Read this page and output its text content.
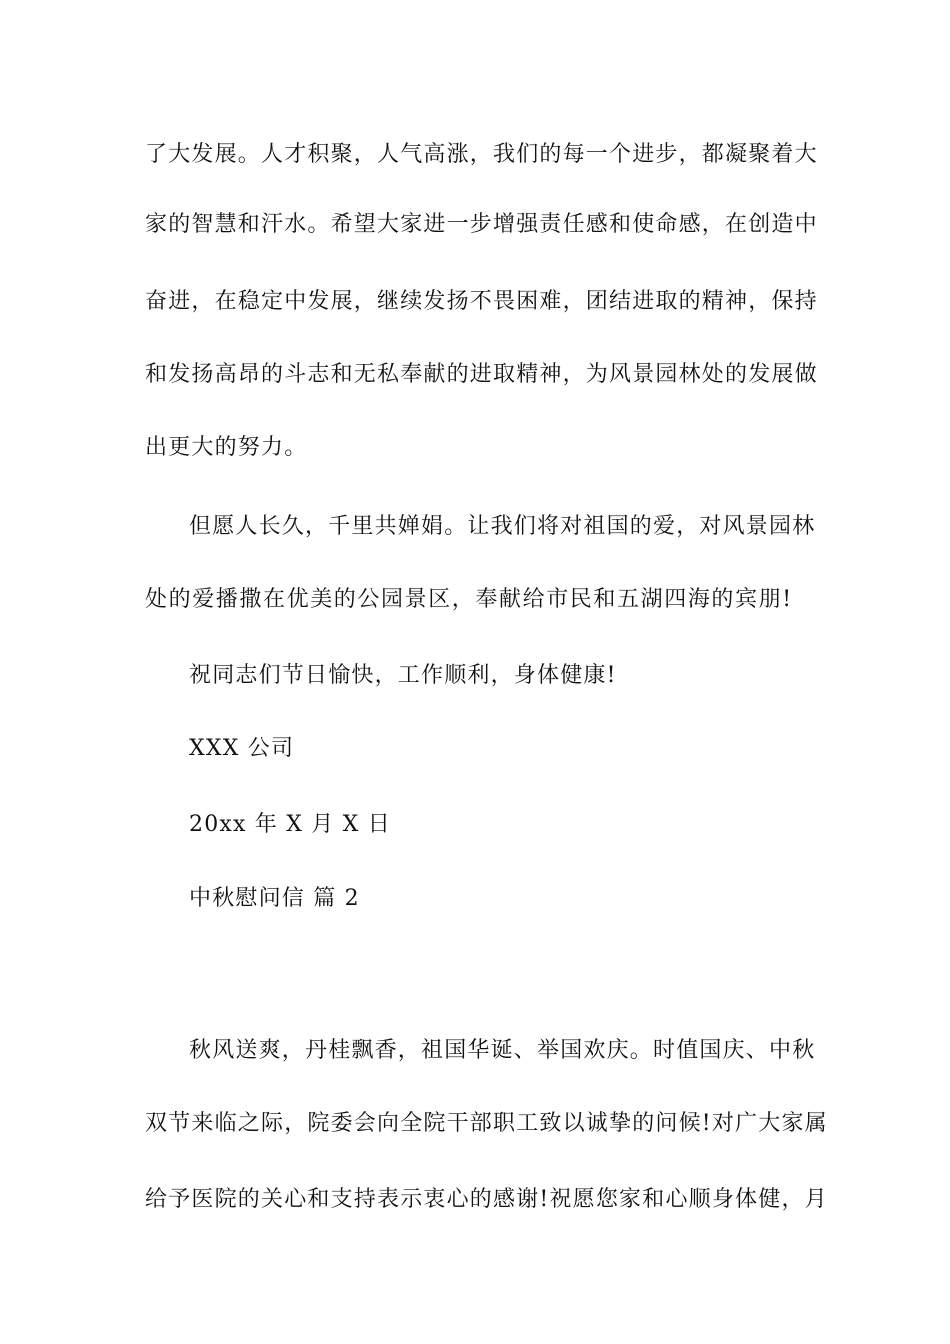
了大发展。人才积聚，人气高涨，我们的每一个进步，都凝聚着大
家的智慧和汗水。希望大家进一步增强责任感和使命感，在创造中
奋进，在稳定中发展，继续发扬不畏困难，团结进取的精神，保持
和发扬高昂的斗志和无私奉献的进取精神，为风景园林处的发展做
出更大的努力。
但愿人长久，千里共婵娟。让我们将对祖国的爱，对风景园林
处的爱播撒在优美的公园景区，奉献给市民和五湖四海的宾朋!
祝同志们节日愉快，工作顺利，身体健康!
XXX 公司
20xx 年 X 月 X 日
中秋慰问信 篇 2
秋风送爽，丹桂飘香，祖国华诞、举国欢庆。时值国庆、中秋
双节来临之际，院委会向全院干部职工致以诚挚的问候!对广大家属
给予医院的关心和支持表示衷心的感谢!祝愿您家和心顺身体健，月
